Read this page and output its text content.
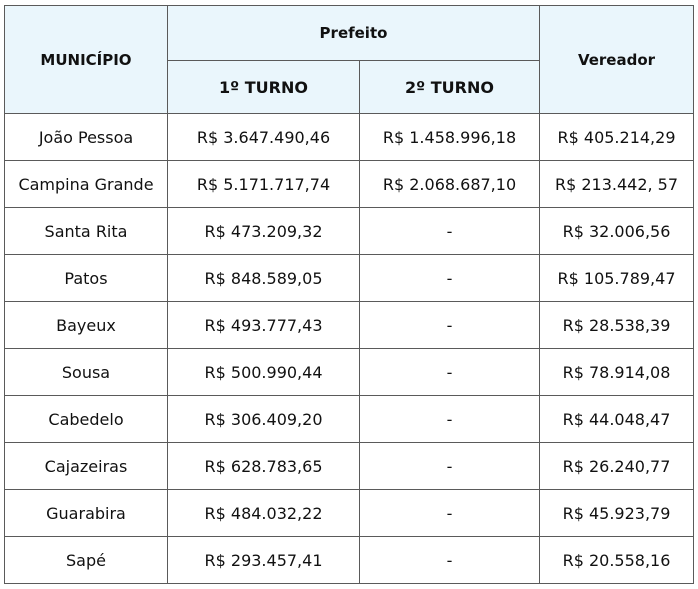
MUNICÍPIO	Prefeito		Vereador
	1º TURNO	2º TURNO	
João Pessoa	R$ 3.647.490,46	R$ 1.458.996,18	R$ 405.214,29
Campina Grande	R$ 5.171.717,74	R$ 2.068.687,10	R$ 213.442, 57
Santa Rita	R$ 473.209,32	-	R$ 32.006,56
Patos	R$ 848.589,05	-	R$ 105.789,47
Bayeux	R$ 493.777,43	-	R$ 28.538,39
Sousa	R$ 500.990,44	-	R$ 78.914,08
Cabedelo	R$ 306.409,20	-	R$ 44.048,47
Cajazeiras	R$ 628.783,65	-	R$ 26.240,77
Guarabira	R$ 484.032,22	-	R$ 45.923,79
Sapé	R$ 293.457,41	-	R$ 20.558,16
